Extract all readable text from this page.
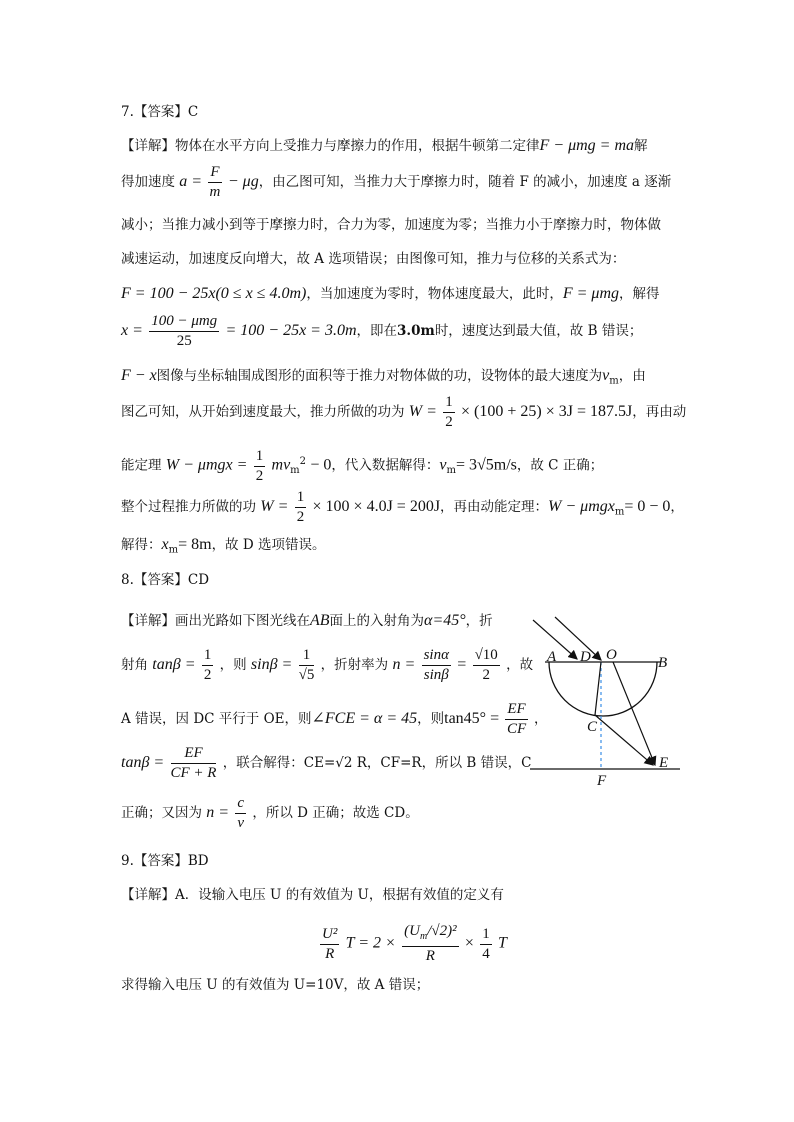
7.【答案】C
【详解】物体在水平方向上受推力与摩擦力的作用，根据牛顿第二定律F − μmg = ma解
得加速度 $a = \frac{F}{m} - \mu g$，由乙图可知，当推力大于摩擦力时，随着 F 的减小，加速度 a 逐渐
减小；当推力减小到等于摩擦力时，合力为零，加速度为零；当推力小于摩擦力时，物体做
减速运动，加速度反向增大，故 A 选项错误；由图像可知，推力与位移的关系式为：
F = 100 − 25x(0 ≤ x ≤ 4.0m)，当加速度为零时，物体速度最大，此时，F = μmg，解得
$x = \frac{\text{100 − μmg}}{25} = 100 - 25x = 3.0m$，即在3.0m时，速度达到最大值，故 B 错误；
F − x图像与坐标轴围成图形的面积等于推力对物体做的功，设物体的最大速度为$v_m$，由
图乙可知，从开始到速度最大，推力所做的功为 $W = \frac{1}{2} \times (100 + 25) \times 3J = 187.5J$，再由动
能定理 $W - \mu mgx = \frac{1}{2} mv_m^2 - 0$，代入数据解得：$v_m= 3√5m/s$，故 C 正确；
整个过程推力所做的功 $W = \frac{1}{2} \times 100 \times 4.0J = 200J$，再由动能定理：W − μmgx$_m$= 0 − 0，
解得：$x_m= 8m$，故 D 选项错误。
8.【答案】CD
【详解】画出光路如下图光线在AB面上的入射角为α=45°，折
射角 $\tan\beta = \frac{1}{2}$ ，则 $\sin\beta = \frac{1}{√5}$ ，折射率为 $n = \frac{\sin\alpha}{\sin\beta} = \frac{√10}{2}$ ，故
A 错误，因 DC 平行于 OE，则∠FCE = α = 45，则$\tan 45^\circ = \frac{EF}{CF}$ ，
$\tan\beta = \frac{EF}{CF + R}$ ，联合解得：CE=√2 R，CF=R，所以 B 错误，C
正确；又因为 $n = \frac{c}{v}$ ，所以 D 正确；故选 CD。
A D O	B
C
E
F
9.【答案】BD
【详解】A．设输入电压 U 的有效值为 U，根据有效值的定义有
$\frac{\text{U²}}{R}$ $T = 2 \times \frac{(U_m/√2)^2}{R} \times \frac{1}{4}$ T
求得输入电压 U 的有效值为 U=10V，故 A 错误；
